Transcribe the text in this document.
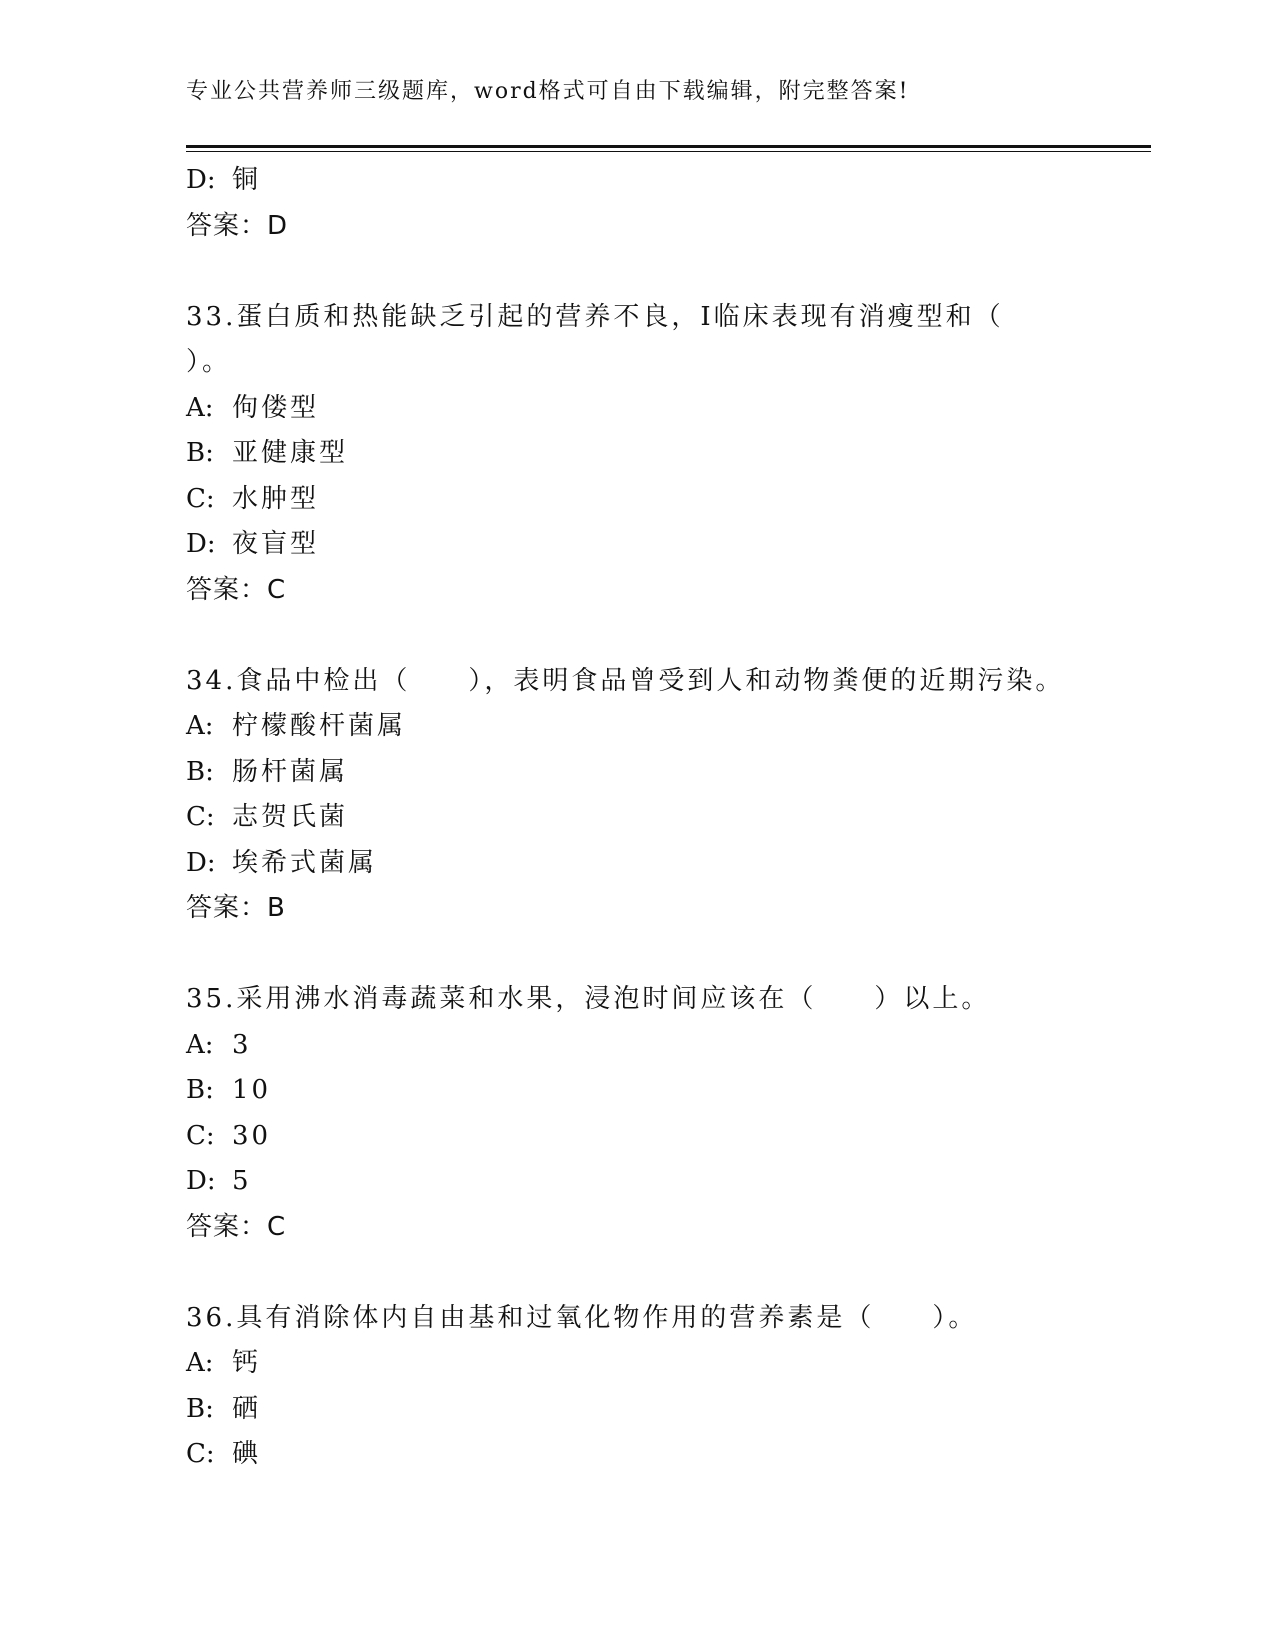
专业公共营养师三级题库，word格式可自由下载编辑，附完整答案!
D: 铜
答案：D
33.蛋白质和热能缺乏引起的营养不良，I临床表现有消瘦型和（
）。
A: 佝偻型
B: 亚健康型
C: 水肿型
D: 夜盲型
答案：C
34.食品中检出（　　），表明食品曾受到人和动物粪便的近期污染。
A: 柠檬酸杆菌属
B: 肠杆菌属
C: 志贺氏菌
D: 埃希式菌属
答案：B
35.采用沸水消毒蔬菜和水果，浸泡时间应该在（　　）以上。
A: 3
B: 10
C: 30
D: 5
答案：C
36.具有消除体内自由基和过氧化物作用的营养素是（　　）。
A: 钙
B: 硒
C: 碘
